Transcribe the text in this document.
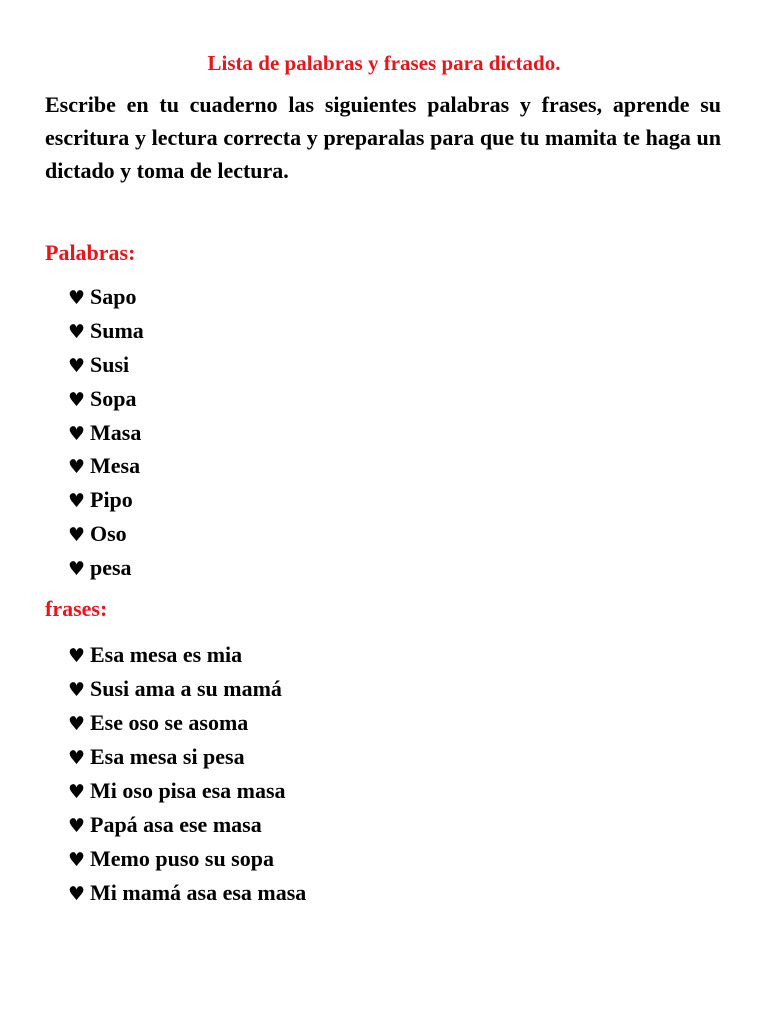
Lista de palabras y frases para dictado.

Escribe en tu cuaderno las siguientes palabras y frases, aprende su escritura y lectura correcta y preparalas para que tu mamita te haga un dictado y toma de lectura.

Palabras:
♥ Sapo
♥ Suma
♥ Susi
♥ Sopa
♥ Masa
♥ Mesa
♥ Pipo
♥ Oso
♥ pesa
frases:
♥ Esa mesa es mia
♥ Susi ama a su mamá
♥ Ese oso se asoma
♥ Esa mesa si pesa
♥ Mi oso pisa esa masa
♥ Papá asa ese masa
♥ Memo puso su sopa
♥ Mi mamá asa esa masa
